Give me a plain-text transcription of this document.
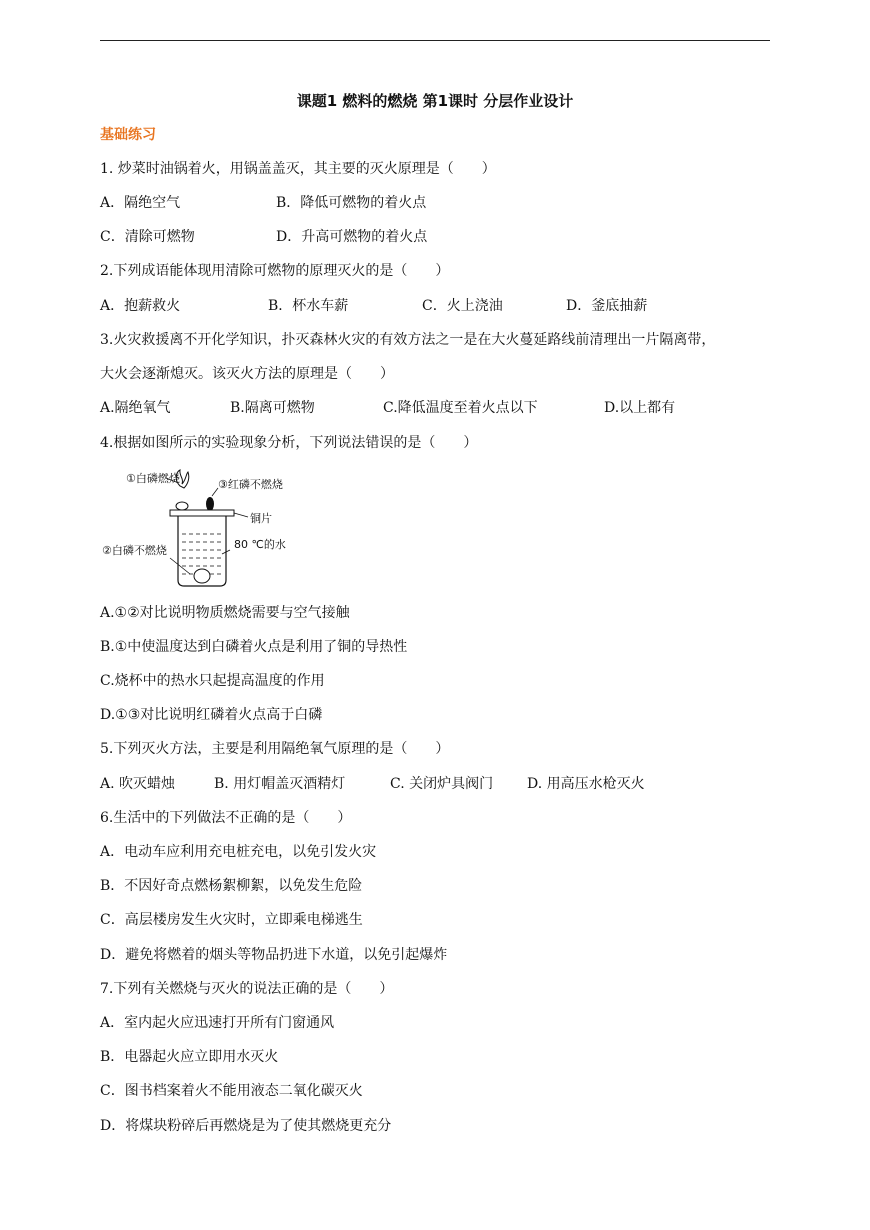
课题1 燃料的燃烧 第1课时 分层作业设计
基础练习
1. 炒菜时油锅着火，用锅盖盖灭，其主要的灭火原理是（　　）
A．隔绝空气	B．降低可燃物的着火点
C．清除可燃物	D．升高可燃物的着火点
2.下列成语能体现用清除可燃物的原理灭火的是（　　）
A．抱薪救火	B．杯水车薪	C．火上浇油	D．釜底抽薪
3.火灾救援离不开化学知识，扑灭森林火灾的有效方法之一是在大火蔓延路线前清理出一片隔离带，
大火会逐渐熄灭。该灭火方法的原理是（　　）
A.隔绝氧气	B.隔离可燃物	C.降低温度至着火点以下	D.以上都有
4.根据如图所示的实验现象分析，下列说法错误的是（　　）
①白磷燃烧	③红磷不燃烧
铜片
②白磷不燃烧	80 ℃的水
A.①②对比说明物质燃烧需要与空气接触
B.①中使温度达到白磷着火点是利用了铜的导热性
C.烧杯中的热水只起提高温度的作用
D.①③对比说明红磷着火点高于白磷
5.下列灭火方法，主要是利用隔绝氧气原理的是（　　）
A. 吹灭蜡烛	B. 用灯帽盖灭酒精灯	C. 关闭炉具阀门 D. 用高压水枪灭火
6.生活中的下列做法不正确的是（　　）
A．电动车应利用充电桩充电，以免引发火灾
B．不因好奇点燃杨絮柳絮，以免发生危险
C．高层楼房发生火灾时，立即乘电梯逃生
D．避免将燃着的烟头等物品扔进下水道，以免引起爆炸
7.下列有关燃烧与灭火的说法正确的是（　　）
A．室内起火应迅速打开所有门窗通风
B．电器起火应立即用水灭火
C．图书档案着火不能用液态二氧化碳灭火
D．将煤块粉碎后再燃烧是为了使其燃烧更充分
